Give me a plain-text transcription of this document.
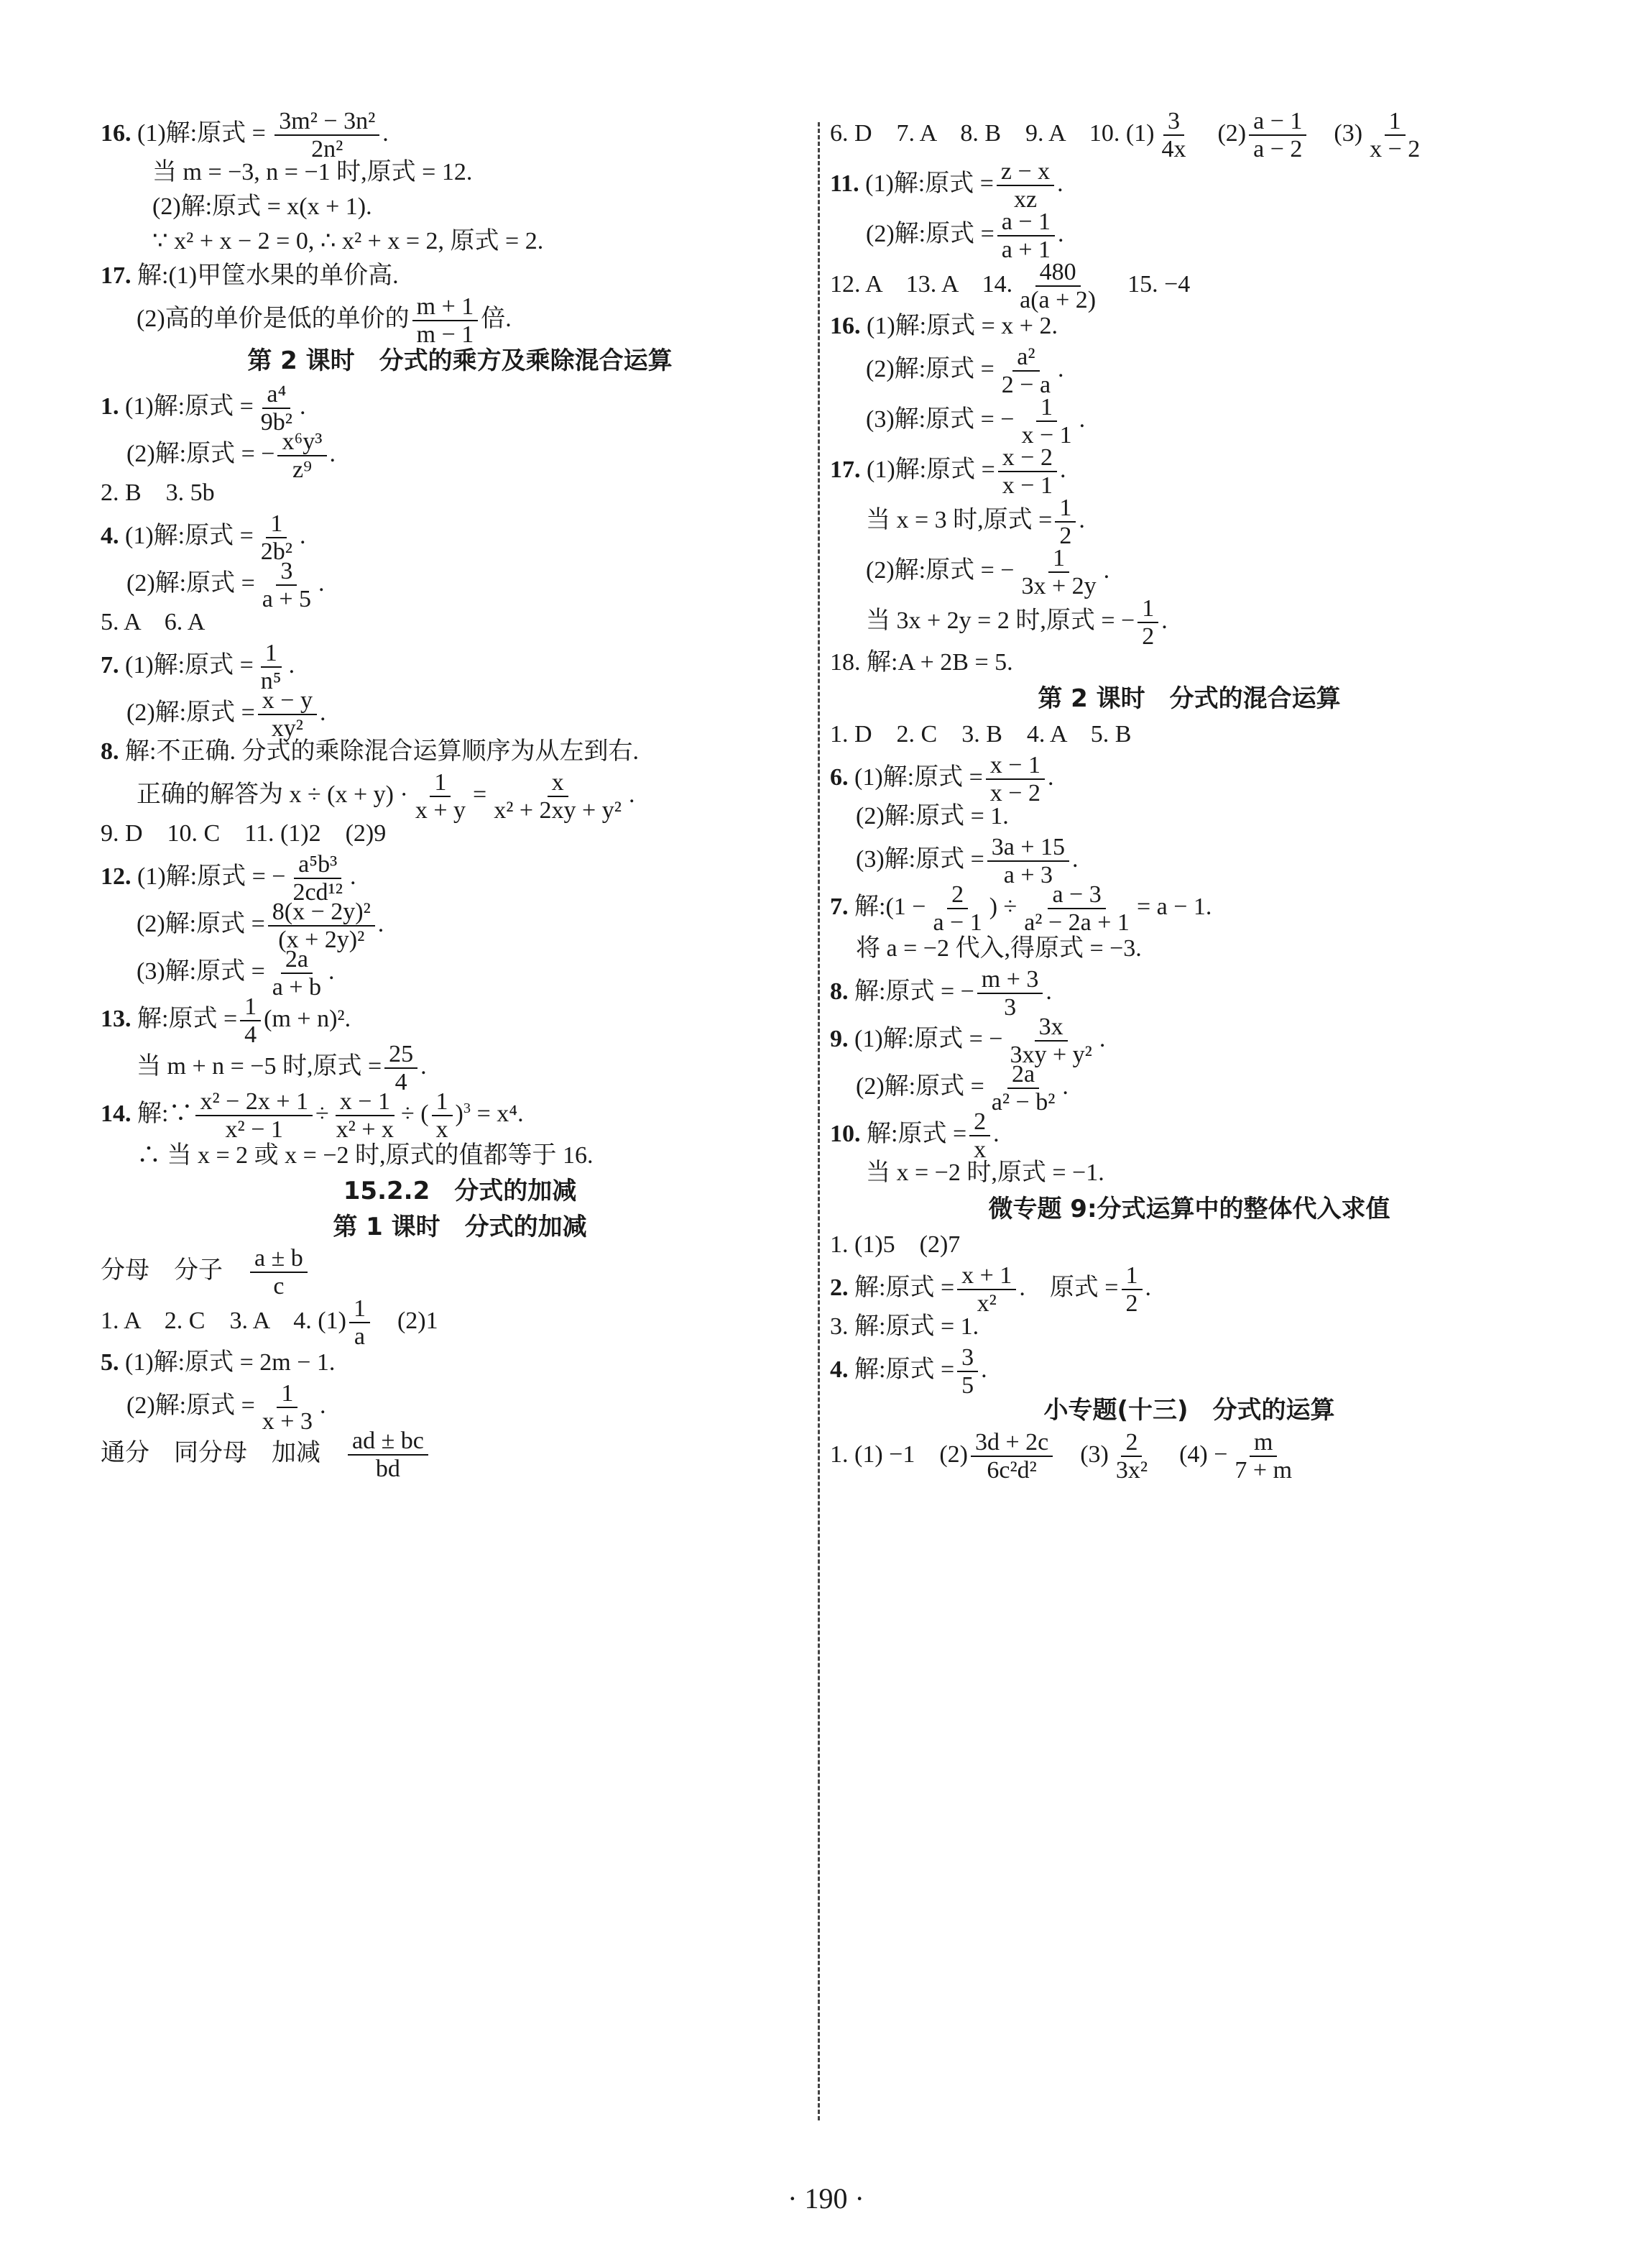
16. (1)解:原式 = $\frac{\text{3m² − 3n²}}{\text{2n²}}$ .
当 m = −3, n = −1 时,原式 = 12.
(2)解:原式 = x(x + 1).
∵ x² + x − 2 = 0, ∴ x² + x = 2, 原式 = 2.
17. 解:(1)甲筐水果的单价高.
(2)高的单价是低的单价的 $\frac{m + 1}{m - 1}$ 倍.
第 2 课时　分式的乘方及乘除混合运算
1. (1)解:原式 = $\frac{\text{a⁴}}{\text{9b²}}$ .
(2)解:原式 = − $\frac{\text{x⁶y³}}{\text{z⁹}}$ .
2. B　3. 5b
4. (1)解:原式 = $\frac{1}{\text{2b²}}$ .
(2)解:原式 = $\frac{3}{a + 5}$ .
5. A　6. A
7. (1)解:原式 = $\frac{1}{\text{n⁵}}$ .
(2)解:原式 = $\frac{x - y}{\text{xy²}}$ .
8. 解:不正确. 分式的乘除混合运算顺序为从左到右.
正确的解答为 $x \div (x + y) \cdot \frac{1}{x + y} = \frac{x}{\text{x² + 2xy + y²}}$ .
9. D　10. C　11. (1)2　(2)9
12. (1)解:原式 = − $\frac{\text{a⁵b³}}{\text{2cd¹²}}$ .
(2)解:原式 = $\frac{\text{8(x − 2y)²}}{\text{(x + 2y)²}}$ .
(3)解:原式 = $\frac{2a}{a + b}$ .
13. 解:原式 = $\frac{1}{4} (m + n)^2$.
当 m + n = −5 时,原式 = $\frac{25}{4}$ .
14. 解:∵ $\frac{\text{x² − 2x + 1}}{\text{x² − 1}} \div \frac{x - 1}{\text{x² + x}}$ ÷ ( $\frac{1}{x} )^3 = x^4$.
∴ 当 x = 2 或 x = −2 时,原式的值都等于 16.
15.2.2　分式的加减
第 1 课时　分式的加减
分母　 分子　 $\frac{a \pm b}{c}$
1. A　2. C　3. A　4. $(1) \frac{1}{a}$
　 (2)1
5. (1)解:原式 = 2m − 1.
(2)解:原式 = $\frac{1}{x + 3}$ .
通分　 同分母　 加减　 $\frac{ad \pm bc}{bd}$
6. D　7. A　8. B　9. A　10. $(1) \frac{3}{4x}$
　 $(2) \frac{a - 1}{a - 2}$
　 $(3) \frac{1}{x - 2}$
11. (1)解:原式 = $\frac{z - x}{xz}$ .
(2)解:原式 = $\frac{a - 1}{a + 1}$ .
12. A　13. A　14. $\frac{480}{a(a + 2)}$
　 15. −4
16. (1)解:原式 = x + 2.
(2)解:原式 = $\frac{\text{a²}}{2 - a}$ .
(3)解:原式 = − $\frac{1}{x - 1}$ .
17. (1)解:原式 = $\frac{x - 2}{x - 1}$ .
当 x = 3 时,原式 = $\frac{1}{2}$ .
(2)解:原式 = − $\frac{1}{3x + 2y}$ .
当 3x + 2y = 2 时,原式 = − $\frac{1}{2}$ .
18. 解:A + 2B = 5.
第 2 课时　分式的混合运算
1. D　2. C　3. B　4. A　5. B
6. (1)解:原式 = $\frac{x - 1}{x - 2}$ .
(2)解:原式 = 1.
(3)解:原式 = $\frac{3a + 15}{a + 3}$ .
7. 解:(1 − $\frac{2}{a - 1}$ ) ÷ $\frac{a - 3}{\text{a² − 2a + 1}} = a - 1$.
将 a = −2 代入,得原式 = −3.
8. 解:原式 = − $\frac{m + 3}{3}$ .
9. (1)解:原式 = − $\frac{3x}{\text{3xy + y²}}$ .
(2)解:原式 = $\frac{2a}{\text{a² − b²}}$ .
10. 解:原式 = $\frac{2}{x}$ .
当 x = −2 时,原式 = −1.
微专题 9:分式运算中的整体代入求值
1. (1)5　(2)7
2. 解:原式 = $\frac{x + 1}{\text{x²}}$ .　原式 = $\frac{1}{2}$ .
3. 解:原式 = 1.
4. 解:原式 = $\frac{3}{5}$ .
小专题(十三)　分式的运算
1. (1) −1　$(2) \frac{3d + 2c}{\text{6c²d²}}$
　 $(3) \frac{2}{\text{3x²}}$
　 $(4) - \frac{m}{7 + m}$
· 190 ·
